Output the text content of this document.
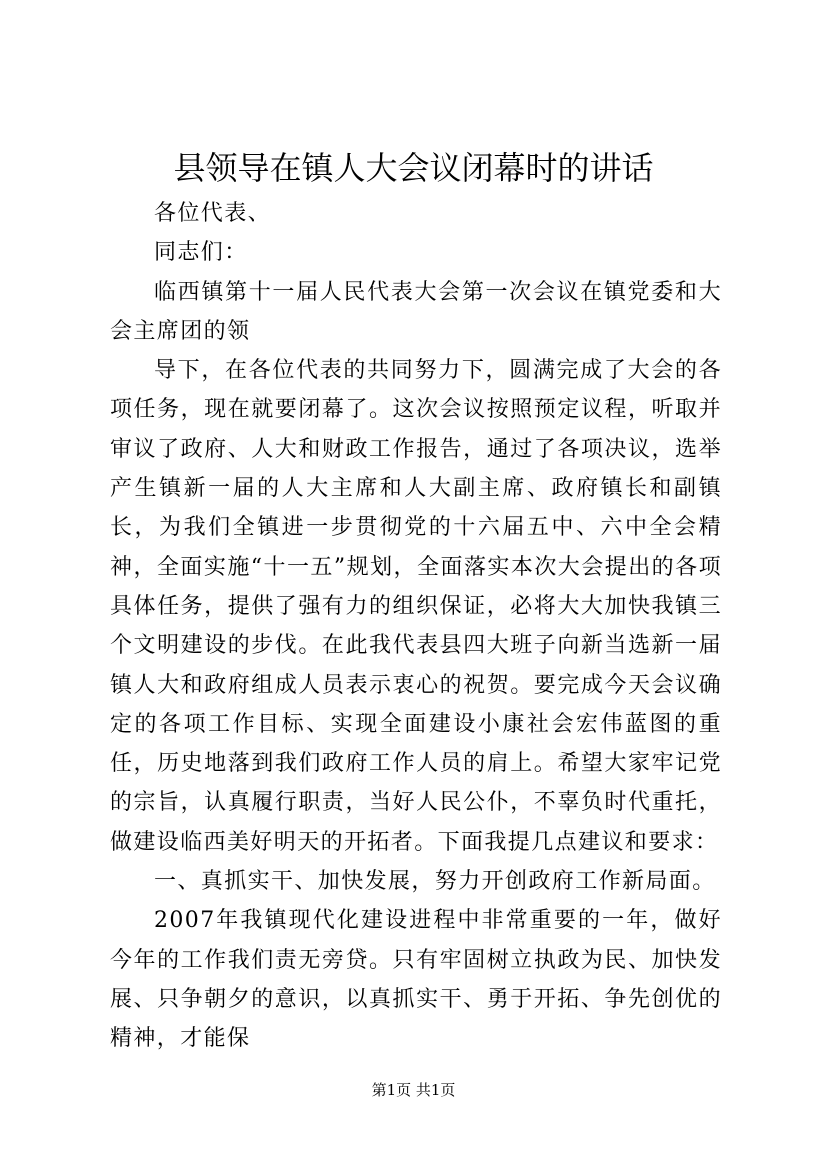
县领导在镇人大会议闭幕时的讲话

各位代表、

同志们：

临西镇第十一届人民代表大会第一次会议在镇党委和大会主席团的领

导下，在各位代表的共同努力下，圆满完成了大会的各项任务，现在就要闭幕了。这次会议按照预定议程，听取并审议了政府、人大和财政工作报告，通过了各项决议，选举产生镇新一届的人大主席和人大副主席、政府镇长和副镇长，为我们全镇进一步贯彻党的十六届五中、六中全会精神，全面实施“十一五”规划，全面落实本次大会提出的各项具体任务，提供了强有力的组织保证，必将大大加快我镇三个文明建设的步伐。在此我代表县四大班子向新当选新一届镇人大和政府组成人员表示衷心的祝贺。要完成今天会议确定的各项工作目标、实现全面建设小康社会宏伟蓝图的重任，历史地落到我们政府工作人员的肩上。希望大家牢记党的宗旨，认真履行职责，当好人民公仆，不辜负时代重托，做建设临西美好明天的开拓者。下面我提几点建议和要求：

一、真抓实干、加快发展，努力开创政府工作新局面。

2007年我镇现代化建设进程中非常重要的一年，做好今年的工作我们责无旁贷。只有牢固树立执政为民、加快发展、只争朝夕的意识，以真抓实干、勇于开拓、争先创优的精神，才能保

第1页 共1页
